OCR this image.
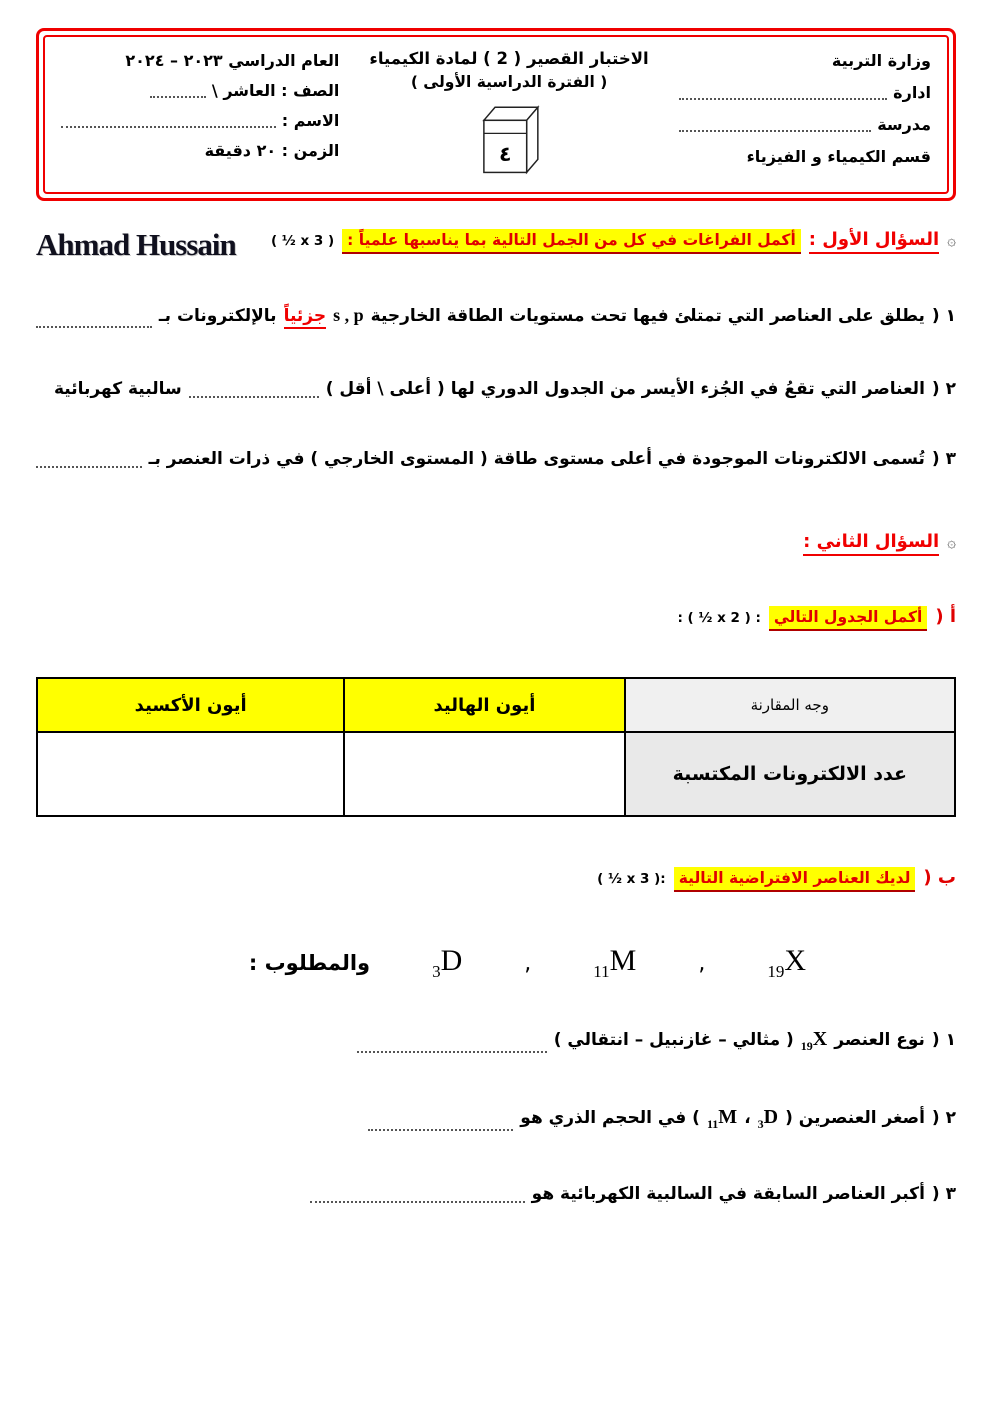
وزارة التربية
ادارة
مدرسة
قسم الكيمياء و الفيزياء
الاختبار القصير ( 2 ) لمادة الكيمياء
( الفترة الدراسية الأولى )
٤
العام الدراسي ٢٠٢٣ – ٢٠٢٤
الصف : العاشر \
الاسم :
الزمن : ٢٠ دقيقة
۞
السؤال الأول :
أكمل الفراغات في كل من الجمل التالية بما يناسبها علمياً :
( ½ x 3 )
Ahmad Hussain
١ (
يطلق على العناصر التي تمتلئ فيها تحت مستويات الطاقة الخارجية
s , p
جزئياً
بالإلكترونات بـ
٢ (
العناصر التي تقعُ في الجُزء الأيسر من الجدول الدوري لها ( أعلى \ أقل )
سالبية كهربائية
٣ (
تُسمى الالكترونات الموجودة في أعلى مستوى طاقة ( المستوى الخارجي ) في ذرات العنصر بـ
۞
السؤال الثاني :
أ (
أكمل الجدول التالي
: ( ½ x 2 ) :
وجه المقارنة	أيون الهاليد	أيون الأكسيد
عدد الالكترونات المكتسبة		
ب (
لديك العناصر الافتراضية التالية
( ½ x 3 ):
$_{19}$X
,
$_{11}$M
,
$_3$D
والمطلوب :
١ (
نوع العنصر
$_{19}$X
( مثالي – غازنبيل – انتقالي )
٢ (
أصغر العنصرين (
$_3$D
،
$_{11}$M
) في الحجم الذري هو
٣ (
أكبر العناصر السابقة في السالبية الكهربائية هو
